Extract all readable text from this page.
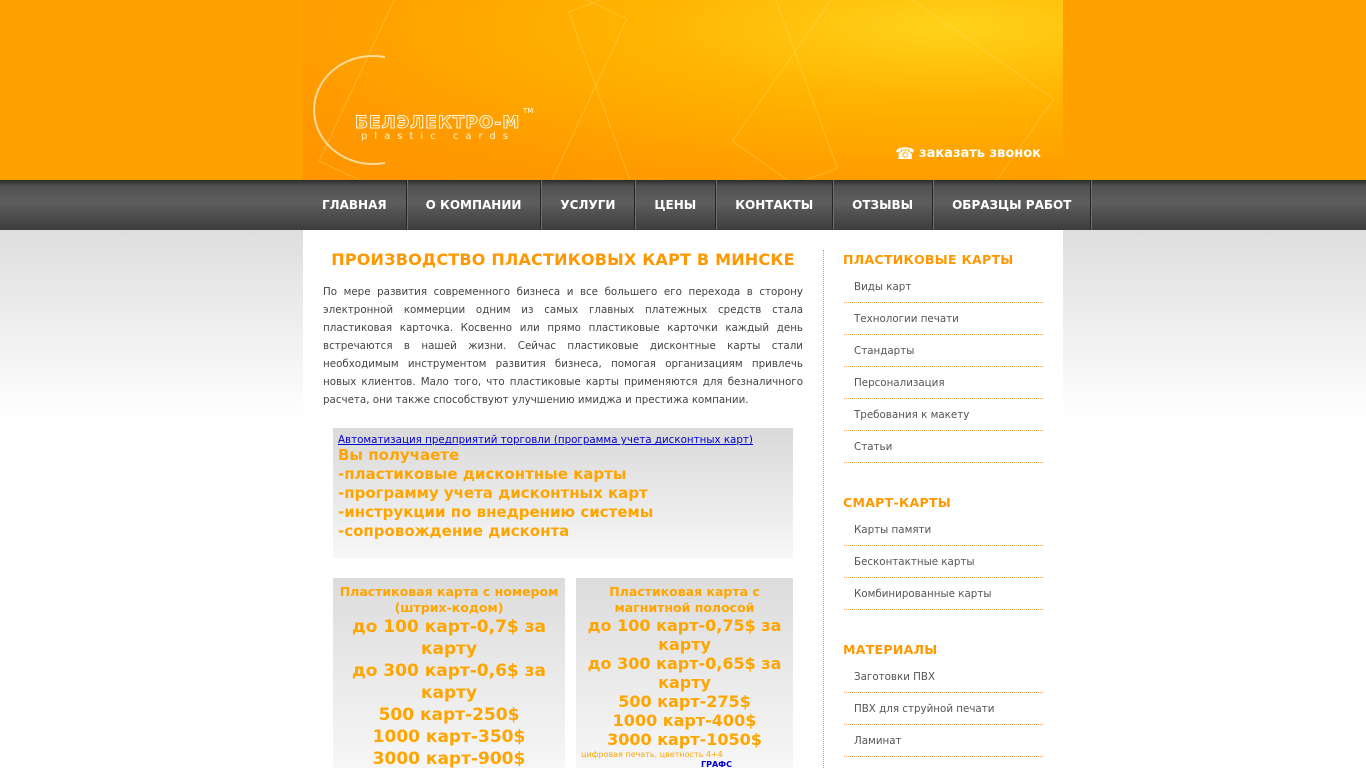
БЕЛЭЛЕКТРО-М
plastic cards
TM
☎ заказать звонок
ГЛАВНАЯ	О КОМПАНИИ	УСЛУГИ	ЦЕНЫ	КОНТАКТЫ	ОТЗЫВЫ	ОБРАЗЦЫ РАБОТ
ПРОИЗВОДСТВО ПЛАСТИКОВЫХ КАРТ В МИНСКЕ

По мере развития современного бизнеса и все большего его перехода в сторону электронной коммерции одним из самых главных платежных средств стала пластиковая карточка. Косвенно или прямо пластиковые карточки каждый день встречаются в нашей жизни. Сейчас пластиковые дисконтные карты стали необходимым инструментом развития бизнеса, помогая организациям привлечь новых клиентов. Мало того, что пластиковые карты применяются для безналичного расчета, они также способствуют улучшению имиджа и престижа компании.

Автоматизация предприятий торговли (программа учета дисконтных карт)

Вы получаете

-пластиковые дисконтные карты

-программу учета дисконтных карт

-инструкции по внедрению системы

-сопровождение дисконта

Пластиковая карта с номером (штрих-кодом)
до 100 карт-0,7$ за карту
до 300 карт-0,6$ за карту
500 карт-250$
1000 карт-350$
3000 карт-900$
Пластиковая карта с магнитной полосой
до 100 карт-0,75$ за карту
до 300 карт-0,65$ за карту
500 карт-275$
1000 карт-400$
3000 карт-1050$
цифровая печать, цветность 4+4
ГРАФС
ПЛАСТИКОВЫЕ КАРТЫ
Виды карт
Технологии печати
Стандарты
Персонализация
Требования к макету
Статьи
СМАРТ-КАРТЫ
Карты памяти
Бесконтактные карты
Комбинированные карты
МАТЕРИАЛЫ
Заготовки ПВХ
ПВХ для струйной печати
Ламинат
